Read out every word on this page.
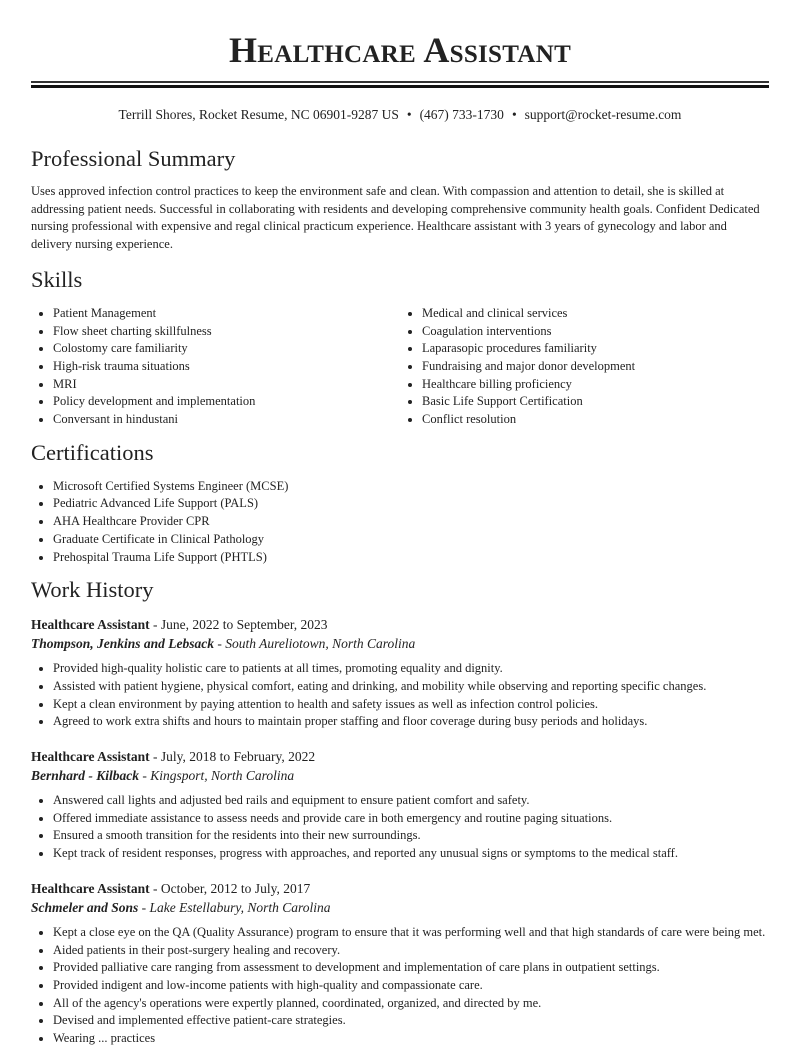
Healthcare Assistant
Terrill Shores, Rocket Resume, NC 06901-9287 US • (467) 733-1730 • support@rocket-resume.com
Professional Summary

Uses approved infection control practices to keep the environment safe and clean. With compassion and attention to detail, she is skilled at addressing patient needs. Successful in collaborating with residents and developing comprehensive community health goals. Confident Dedicated nursing professional with expensive and regal clinical practicum experience. Healthcare assistant with 3 years of gynecology and labor and delivery nursing experience.

Skills
• Patient Management
• Flow sheet charting skillfulness
• Colostomy care familiarity
• High-risk trauma situations
• MRI
• Policy development and implementation
• Conversant in hindustani
• Medical and clinical services
• Coagulation interventions
• Laparasopic procedures familiarity
• Fundraising and major donor development
• Healthcare billing proficiency
• Basic Life Support Certification
• Conflict resolution
Certifications
• Microsoft Certified Systems Engineer (MCSE)
• Pediatric Advanced Life Support (PALS)
• AHA Healthcare Provider CPR
• Graduate Certificate in Clinical Pathology
• Prehospital Trauma Life Support (PHTLS)
Work History
Healthcare Assistant - June, 2022 to September, 2023
Thompson, Jenkins and Lebsack - South Aureliotown, North Carolina
• Provided high-quality holistic care to patients at all times, promoting equality and dignity.
• Assisted with patient hygiene, physical comfort, eating and drinking, and mobility while observing and reporting specific changes.
• Kept a clean environment by paying attention to health and safety issues as well as infection control policies.
• Agreed to work extra shifts and hours to maintain proper staffing and floor coverage during busy periods and holidays.
Healthcare Assistant - July, 2018 to February, 2022
Bernhard - Kilback - Kingsport, North Carolina
• Answered call lights and adjusted bed rails and equipment to ensure patient comfort and safety.
• Offered immediate assistance to assess needs and provide care in both emergency and routine paging situations.
• Ensured a smooth transition for the residents into their new surroundings.
• Kept track of resident responses, progress with approaches, and reported any unusual signs or symptoms to the medical staff.
Healthcare Assistant - October, 2012 to July, 2017
Schmeler and Sons - Lake Estellabury, North Carolina
• Kept a close eye on the QA (Quality Assurance) program to ensure that it was performing well and that high standards of care were being met.
• Aided patients in their post-surgery healing and recovery.
• Provided palliative care ranging from assessment to development and implementation of care plans in outpatient settings.
• Provided indigent and low-income patients with high-quality and compassionate care.
• All of the agency's operations were expertly planned, coordinated, organized, and directed by me.
• Devised and implemented effective patient-care strategies.
• Wearing ... practices
